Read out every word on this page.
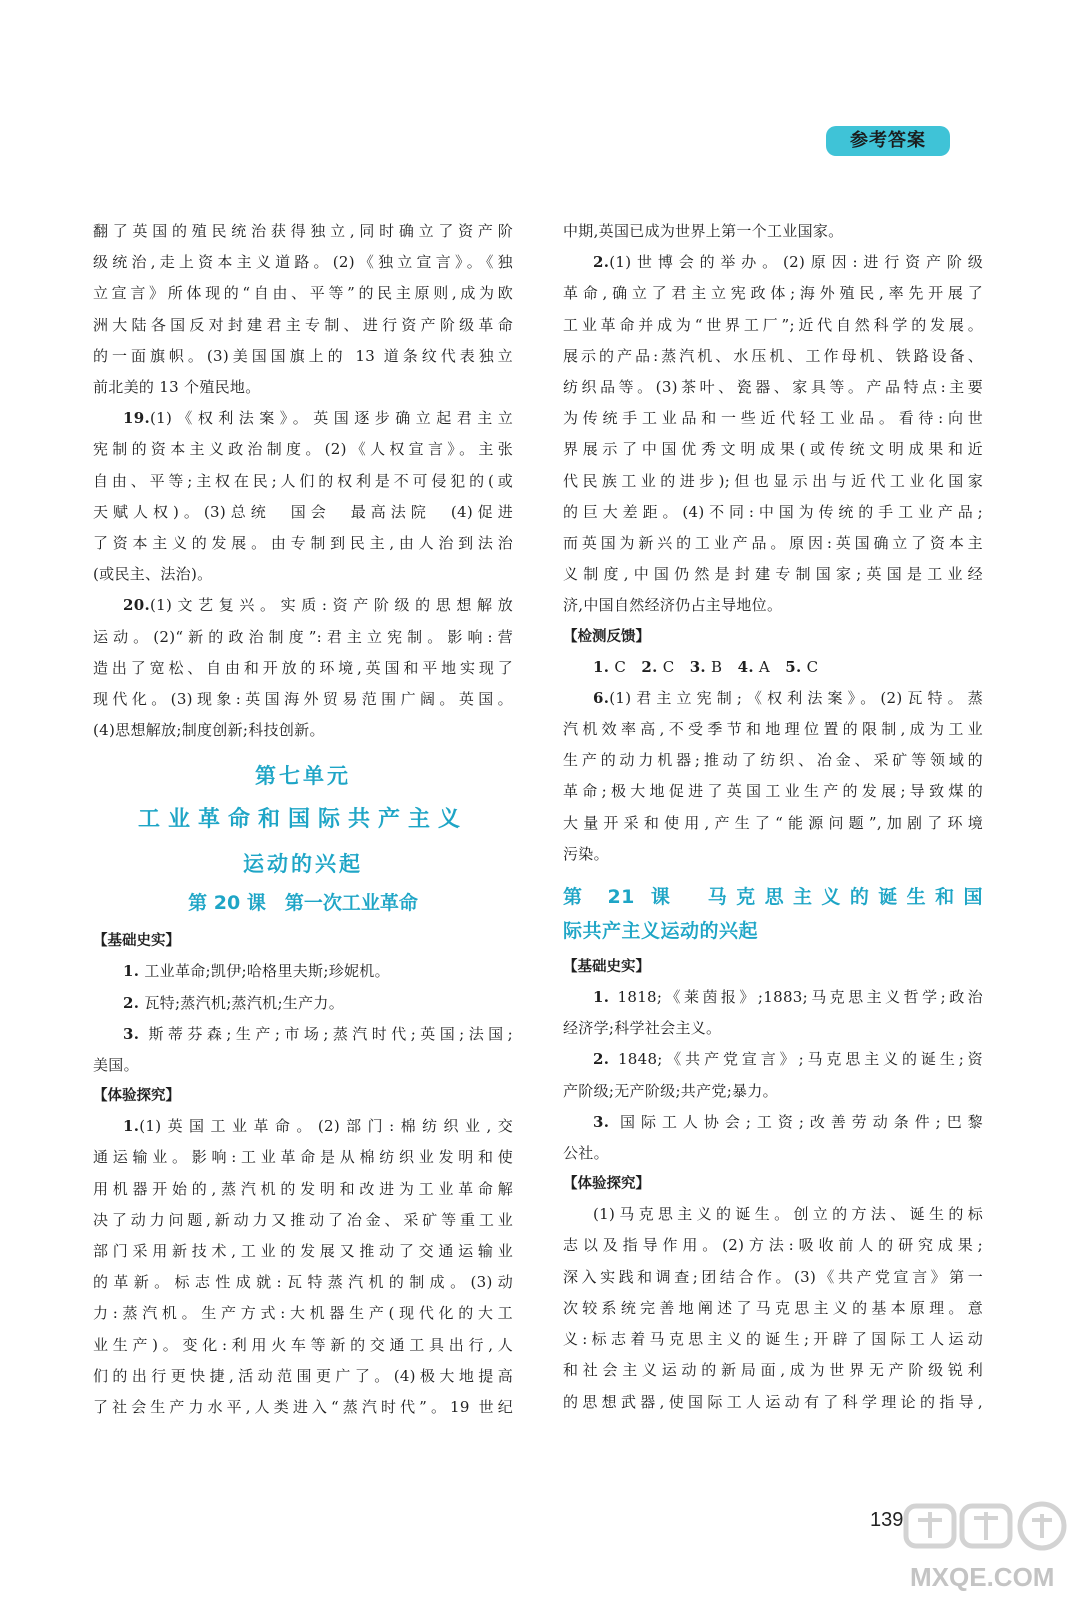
参考答案

翻了英国的殖民统治获得独立,同时确立了资产阶

级统治,走上资本主义道路。(2)《独立宣言》。《独

立宣言》所体现的“自由、平等”的民主原则,成为欧

洲大陆各国反对封建君主专制、进行资产阶级革命

的一面旗帜。(3)美国国旗上的 13 道条纹代表独立

前北美的 13 个殖民地。

19.(1)《权利法案》。英国逐步确立起君主立

宪制的资本主义政治制度。(2)《人权宣言》。主张

自由、平等;主权在民;人们的权利是不可侵犯的(或

天赋人权)。(3)总统　国会　最高法院　(4)促进

了资本主义的发展。由专制到民主,由人治到法治

(或民主、法治)。

20.(1)文艺复兴。实质:资产阶级的思想解放

运动。(2)“新的政治制度”:君主立宪制。影响:营

造出了宽松、自由和开放的环境,英国和平地实现了

现代化。(3)现象:英国海外贸易范围广阔。英国。

(4)思想解放;制度创新;科技创新。

第七单元

工业革命和国际共产主义

运动的兴起

第 20 课　第一次工业革命

【基础史实】

1. 工业革命;凯伊;哈格里夫斯;珍妮机。

2. 瓦特;蒸汽机;蒸汽机;生产力。

3. 斯蒂芬森;生产;市场;蒸汽时代;英国;法国;

美国。

【体验探究】

1.(1)英国工业革命。(2)部门:棉纺织业,交

通运输业。影响:工业革命是从棉纺织业发明和使

用机器开始的,蒸汽机的发明和改进为工业革命解

决了动力问题,新动力又推动了冶金、采矿等重工业

部门采用新技术,工业的发展又推动了交通运输业

的革新。标志性成就:瓦特蒸汽机的制成。(3)动

力:蒸汽机。生产方式:大机器生产(现代化的大工

业生产)。变化:利用火车等新的交通工具出行,人

们的出行更快捷,活动范围更广了。(4)极大地提高

了社会生产力水平,人类进入“蒸汽时代”。19 世纪

中期,英国已成为世界上第一个工业国家。

2.(1)世博会的举办。(2)原因:进行资产阶级

革命,确立了君主立宪政体;海外殖民,率先开展了

工业革命并成为“世界工厂”;近代自然科学的发展。

展示的产品:蒸汽机、水压机、工作母机、铁路设备、

纺织品等。(3)茶叶、瓷器、家具等。产品特点:主要

为传统手工业品和一些近代轻工业品。看待:向世

界展示了中国优秀文明成果(或传统文明成果和近

代民族工业的进步);但也显示出与近代工业化国家

的巨大差距。(4)不同:中国为传统的手工业产品;

而英国为新兴的工业产品。原因:英国确立了资本主

义制度,中国仍然是封建专制国家;英国是工业经

济,中国自然经济仍占主导地位。

【检测反馈】

1. C 2. C 3. B 4. A 5. C

6.(1)君主立宪制;《权利法案》。(2)瓦特。蒸

汽机效率高,不受季节和地理位置的限制,成为工业

生产的动力机器;推动了纺织、冶金、采矿等领域的

革命;极大地促进了英国工业生产的发展;导致煤的

大量开采和使用,产生了“能源问题”,加剧了环境

污染。

第 21 课　马克思主义的诞生和国

际共产主义运动的兴起

【基础史实】

1. 1818;《莱茵报》;1883;马克思主义哲学;政治

经济学;科学社会主义。

2. 1848;《共产党宣言》;马克思主义的诞生;资

产阶级;无产阶级;共产党;暴力。

3. 国际工人协会;工资;改善劳动条件;巴黎

公社。

【体验探究】

(1)马克思主义的诞生。创立的方法、诞生的标

志以及指导作用。(2)方法:吸收前人的研究成果;

深入实践和调查;团结合作。(3)《共产党宣言》第一

次较系统完善地阐述了马克思主义的基本原理。意

义:标志着马克思主义的诞生;开辟了国际工人运动

和社会主义运动的新局面,成为世界无产阶级锐利

的思想武器,使国际工人运动有了科学理论的指导,

139
MXQE.COM
